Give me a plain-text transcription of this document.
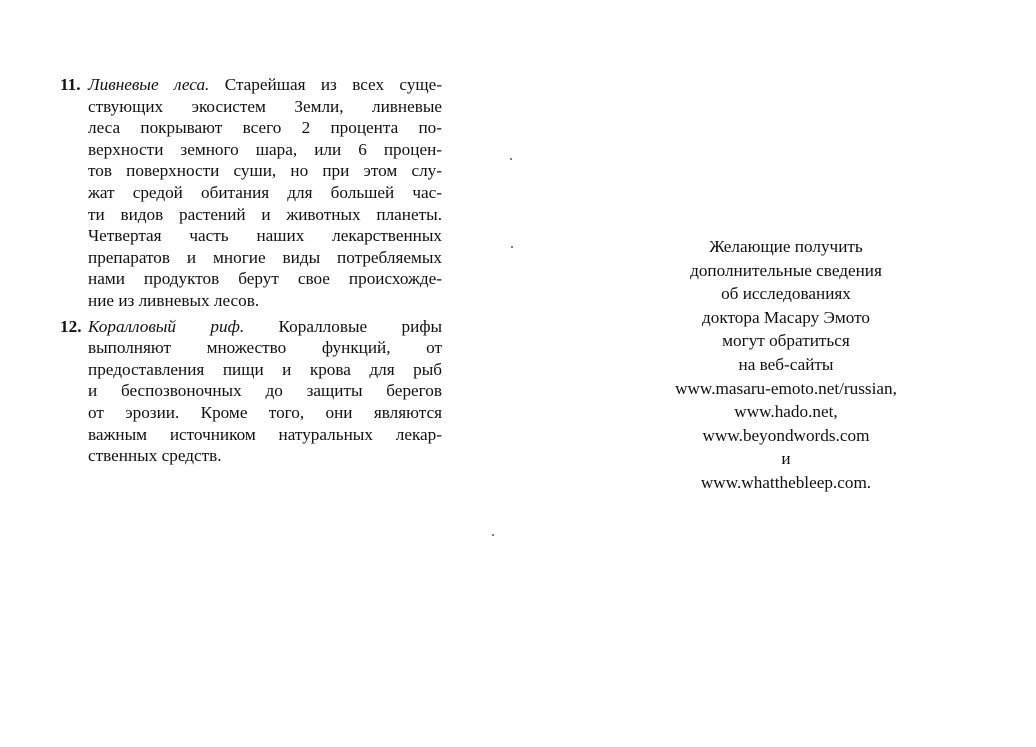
11. Ливневые леса. Старейшая из всех суще-
ствующих экосистем Земли, ливневые
леса покрывают всего 2 процента по-
верхности земного шара, или 6 процен-
тов поверхности суши, но при этом слу-
жат средой обитания для большей час-
ти видов растений и животных планеты.
Четвертая часть наших лекарственных
препаратов и многие виды потребляемых
нами продуктов берут свое происхожде-
ние из ливневых лесов.
12. Коралловый риф. Коралловые рифы
выполняют множество функций, от
предоставления пищи и крова для рыб
и беспозвоночных до защиты берегов
от эрозии. Кроме того, они являются
важным источником натуральных лекар-
ственных средств.
Желающие получить
дополнительные сведения
об исследованиях
доктора Масару Эмото
могут обратиться
на веб-сайты
www.masaru-emoto.net/russian,
www.hado.net,
www.beyondwords.com
и
www.whatthebleep.com.
